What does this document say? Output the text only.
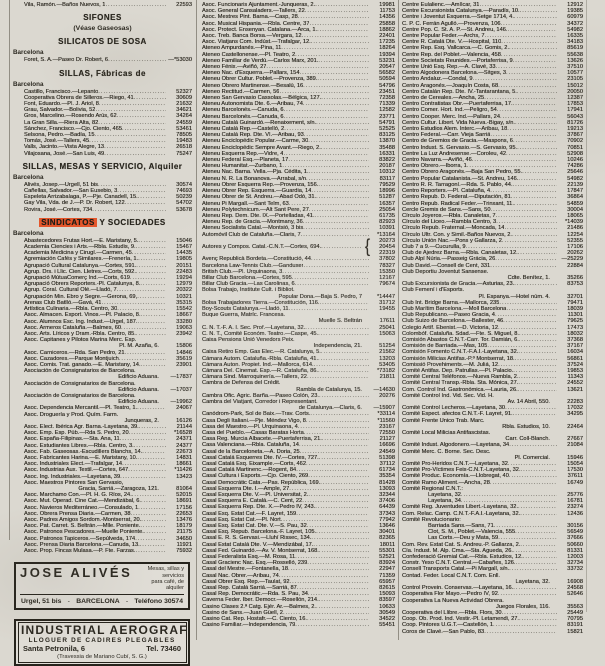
Vila, Ramón.—Baños Nuevos, 1 .....	22593
SIFONES
(Véase Gaseosas)
SILICATOS DE SOSA
Barcelona
Foret, S. A.—Paseo Dr. Robert, 6 .....	—*53030
SILLAS, Fábricas de
Barcelona
Castillo, Francisco.—Lepanto .....	52327
Cooperativa Obrera de Silleros.—Riego, 41 .....	30609
Font, Eduardo.—Pl. J. Ariol, 8 .....	21632
Grau, Salvador.—Bolivia, 52 .....	34621
Gros, Marcelino.—Rosendo Arús, 62 .....	34264
La Gran Silla.—Riera Alta, 82 .....	24559
Sánchez, Francisco.—Cjo. Ciento, 465 .....	53461
Selsona, Pedro.—Badía, 15 .....	78505
Tomás, José.—Tallers, 45 .....	19483
Valls, Jacinto.—Vista Alegre, 13 .....	26518
Vilajosana, José.—San Luis, 49 .....	75247
SILLAS, MESAS Y SERVICIO, Alquiler
Barcelona
Alivés, Josep.—Urgell, 51 bis .....	30574
Cañellas, Salvador.—San Eusebio, 3 .....	74693
Espeleta Arrizabalaga, P.—Pje. Canadell, 15. .....	50239
Gay Vila, Vda. de J.—P. Dr. Robert, 122 .....	54702
Rovira, José.—Cortes, 734 .....	53678
SINDICATOS Y SOCIEDADES
Barcelona
Abastecedores Frutas Hort.—E. Maristany, 5. .....	15046
Academia Ciencies i Arts.—Rbla. Estudis, 9. .....	15467
Academia Medicina y Cirugí.—Carmen, 45 .....	14435
Agremiación Cafés y Similares.—Frenería, 1. .....	19805
Agrupació Cultural Catalunya.—Cortes, 591. .....	20151
Agrup. Drs. i Llic. Cien. Lletres.—Corts, 592. .....	22483
Agrupació MútuaComerç Ind.—Corts, 619 .....	19294
Agrupació Obrers Reporters.-Pl. Catalunya, 8. .....	12979
Agrup. Coral. Cultural Olé.—Lladó, 7 .....	20322
Agrupación Min. Ebro y Segre.—Gerona, 69, .....	10321
Arenas Club Batlló.—Gavá, 41 .....	35315
Artística Culinaria.—Rbla. Centro, 30 .....	15542
Asoc. Almacen. Export. Vinos.—Pl. Palacio, 8. .....	18667
Asoc. Alumnos Esc. Ing. Indust.—Urgel, 187. .....	33280
Asoc. Armeros Cataluña.—Balmes, 60 .....	19063
Asoc. Arts. Líricos y Dram.-Rbla. Centro, 85. .....	23942
Asoc. Capitanes y Pilotos Marina Merc. Esp.
Pl. M. Azaña, 6.	15806
Asoc. Carniceros.—Rda. San Pedro, 21 .....	14846
Asoc. Cazadores.—Parque Montjuich .....	35619
Asoc. Comis. Trat. ganado.—E. Maristany, 14. .....	23901
Asociación de Consignatarios de Barcelona.
Edificio Aduana.	—17837
Asociación de Consignatarios de Barcelona.
Edificio Aduana.	—17037
Asociación de Consignatarios de Barcelona.
Edificio Aduana.	—19962
Asoc. Dependencia Mercantil.—Pl. Teatro, 1. .....	24067
Asoc. Droguería y Prod. Quím. Farm.
Junqueras, 2.	16126
Asoc. Elect. Ibérica Agr. Barna.-Layetana, 39. .....	21144
Asoc. Emp. Esp. Púb.—Rda S. Pedro, 20 .....	*16528
Asoc. España-Filipinas.—Sta. Ana, 11 .....	24371
Asoc. Estudiantes Libres.—Rbla. Centro, 3. .....	24377
Asoc. Fab. Gaseosas.-Escudillers Blanchs, 14. .....	22673
Asoc. Fabricantes Harina.—E. Maristany, 10. .....	14831
Asoc. Industriales Elect.—Trafalgar, 14 .....	18661
Asoc. Industrias Aux. Textil.—Cortes, 647 .....	*11426
Asoc. Ing. Industriales.—Layetana, 39 .....	13423
Asoc. Maestros Pintores San Gervasio,
Gracia, Sarriá.—Zaragoza, 121.	81064
Asoc. Marchamo Con.—Pl. H. G. Ríos, 24. .....	52015
Asoc. Mut. Operad. Cine Cat.—Mendizábal, 6. .....	18691
Asoc. Navieros Mediterráneo.—Consulado, 1 .....	17156
Asoc. Obrera Prensa Diaria.—Carmen, 38 .....	22653
Asoc. Padres Amigos Sordom.-Montserrat, 20. .....	13476
Asoc. Pat. Carret. S. Beltrán.—Mlle. Poniente. .....	18179
Asoc. Patronos Pescadores.—Muelle Poniente. .....	21175
Asoc. Patronos Tapiceros.—Sepúlveda, 174 .....	34650
Asoc. Prensa Diaria Barcelona.—Canuda, 13. .....	11921
Asoc. Prop. Fincas Mulasa.—P. Fte. Farzas. .....	75932
JOSE ALIVÉS	Mesas, sillas y servicios
para café, de alquiler
Urgel, 51 bis - BARCELONA - Teléfono 30574
INDUSTRIAL AEROGRAF
LLOGUER DE CADIRES PLEGABLES
Santa Petronila, 6	Tel. 73460
(Travessia de Mariano Cubí, S. G.)
Asoc. Funcionaris Ajuntament.-Junqueras, 2. .....	19981
Asoc. General Cansaladers.—Tallers, 22 .....	11753
Asoc. Mestres Pint. Barna.—Casp, 28 .....	14356
Asoc. Musical Hispania.—Rbla. Centre, 37 .....	25858
Asoc. Protect. Ensenyan. Catalana.—Arca, 1. .....	18862
Asoc. Treb. Banca Borsa.—Vergara, 12 .....	22401
Asoc. Viatjans Com. Indúst.—Trafalgar, 12. .....	17235
Ateneo Ampurdanés.—Pina, 11 .....	18264
Ateneo Castellonense.—Pl. Teatro, 2 .....	19394
Ateneo Familiar de Verdú.—Carlos Marx, 201. .....	53231
Ateneo Fénix.—Aviñó, 27 .....	20547
Ateneo Nac. d'Esquerra.—Pallars, 154 .....	56582
Ateneu Obrer Cultur. Poblet.—Provenza, 389. .....	50594
Ateneo Obrero Martinense.—Besalú, 16 .....	54796
Ateneo Rectitud.—Carmen, 56 .....	23451
Ateneo San Gervasio Cassolas.—Bélgica, 127. .....	72358
Ateneu Autonomista Dte. 6.—Aribau, 74 .....	71339
Ateneu Barcelonés.—Canuda, 6 .....	12582
Ateneu Barcelonés.—Canuda, 6 .....	23771
Ateneu Catalá Guinardó.—Renaixement, s/n. .....	54791
Ateneu Catalá Rep.—Castelló, 2 .....	52525
Ateneu Catalá Rep. Dte. VI.—Aribau, 93 .....	83125
Ateneu Enciclopédic Popular.—Carme, 30 .....	13870
Ateneu Enciclopédic Sempre Avant.—Riego, 2. .....	35488
Ateneu Esquerra Rep.—Vidre, 4 .....	16331
Ateneu Federal Esq.—Planeta, 17 .....	83822
Ateneu Humanitat.—Zurbano, 1 .....	20187
Ateneu Nac. Barna. Vella.—Pja. Cédita, 1. .....	10312
Ateneu N. R. La Bonanova.—Arrabal, s/n .....	83117
Ateneu Obrer Esquerra Rep.—Provenza, 156. .....	79529
Ateneu Obrer Rep. Esquerra.—Guardia, 14 .....	18996
Ateneu Obrer de St. Andreu.—Abad Odó, 31. .....	51287
Ateneu Pi Margall.—Sant Telm, 63 .....	16357
Ateneu Polytechnicum.—Alt Sant Pere, 27 .....	25054
Ateneu Rep. Dem. Dte. IX.—Portelladas, 41. .....	61735
Ateneu Rep. de Gracia.—Montmany, 36 .....	82923
Ateneu Socialista Catal.—Montsió, 3 bis .....	10391
Automóvil Club de Cataluña.—Claris, 7 .....	*13164
Autores y Compos. Catal.-C.N.T.—Cortes, 694. .....	{	20273
20454
22319
Avenç Republicà Bordeta.—Constitució, 44 .....	37802
Barcelona Law-Tennis Club.—Ganduxer .....	78327
British Club.—Pl. Urquinaona, 3 .....	15350
Billar Club Barcelona.—Cortes, 595 .....	12167
Billar Club Gracia.—Las Carolinas, 6 .....	79674
Bolsa Trabajo, Institute Cult. i Bibliot.
Popular Dona.—Baja S. Pedro, 7	*14447
Bolsa Trabajadores Tierra.—Constitución, 116. .....	31712
Boy-Scouts Catalunya.—Lladó, 11 .....	19455
Buque Guerra, Matríc. Francesa.
Muelle S. Beltrán	17611
C. N. T.-F. A. I. Sec. Prof.—Layetana, 32. .....	25041
C. N. T., Comité Económ. Teatro.—Caspe, 45. .....	15063
Caixa Pensions Unió Venedors Peix.
Independencia, 21.	51254
Caixa Retiro Emp. Gas Elec.—R. Catalunya, 5. .....	21562
Cámara Autom. Cataluña.-Rbla. Cataluña, 41. .....	13203
Cámara Auton. Propiet. Ind.—Mallorca, 614. .....	53405
Cámara Del. Cinemat. Esp.—R. Cataluña, 86. .....	*73182
Cámara Sind. Marroquinería.—Tallers, 22 .....	21811
Cambra de Defensa del Crédit.
Rambla de Catalunya, 15.	—14630
Cambra Ofic. Agric. Barña.—Paseo Colón, 23. .....	20276
Cambra del Viatjant, Corredor i Representant.
de Catalunya.—Claris, 6.	—15907
Canódrom-Park, Sol de Baix.—Trav. Corts. .....	*33114
Casa Degli Italiani.—Pje. Méndez Vigo, 8 .....	*11560
Casa del Maestro.—Pl. Urquinaona, 4 .....	23167
Casa del Pueblo.—Casas Baratas Horta .....	72550
Casa Reg. Murcia Albacete.—Puertaferrisa, 21. .....	21127
Casa Valenciana.—Rbla. Cataluña, 14 .....	16696
Casal de la Barceloneta.—A. Doria, 25 .....	24549
Casal Catalá Esquerres Dte. IV.—Cortes, 727. .....	51398
Casal Catalá Esq. Eixample.—Corts, 462 .....	37112
Casal Catalá Martinenc.—Rogent, 84 .....	61734
Casal Cultura i Esports.—Cjo. Ciento, 269 .....	35354
Casal Democrátic Cata.—Pas. República, 169. .....	81428
Casal Esquerra Dte. I.—Ample, 27 .....	13093
Casal Esquerra Dte. V.—Pl. Universitat, 2. .....	32344
Casal Esquerra E. Catalá.—C. Cent, 22 .....	37406
Casal Esquerra Rep. Dte. X.—Pedro IV, 243. .....	64439
Casal Esq. Estat Cat.—F. Layret, 159 .....	37343
Casal Esq. Estat Cat.—Pl. Nort .....	77942
Casal Esq. Estat Cat. Dte. V.—S. Pau, 32 .....	13646
Casal Esq. Repub. Barcelona.-F. Layret, 105. .....	30401
Casal E. R. S. Gervasi.—Lluhí Rissec, 134. .....	82365
Casal Estat Catalá Dte. V.—Mendizábal, 17. .....	18011
Casal Fed. Guinardó.—Av. V. Montserrat, 168. .....	55301
Casal Federalista Esq.—M. Rosa, 11 .....	52521
Casal Gracienc Nac. Esq.—Rosselló, 239 .....	83924
Casal del Mestre.—Fontanella, 18 .....	22947
Casal Nac. Obrer.—Aribau, 74 .....	71359
Casal Obrer Esq. Rep.—Taulat, 92 .....	65957
Casal Rep. Catalá Sarriá.—Sarriá, 87 .....	82615
Casal Rep. Democrátic.—Rda. S. Pau, 34 .....	15093
Caverna Feder. Iber. Democr.—Rosellón, 214. .....	83597
Casino Clases 2.ª Catg. Ejér. Ar.—Balmes, 2. .....	10633
Casino de Sans.—Juan Güell, 2 .....	30549
Casino Cat. Rep. Hostafr.—C. Ciento, 16. .....	34522
Casino Familiar.—Independencia, 79 .....	55451
Centre Eulalienc.—Amílcar, 31 .....	12912
Centre Excursionista Catalunya.—Paradís, 10. .....	19385
Centre i Joventut Esquerra.—Setge 1714, 4. .....	60979
C. P. C. Ferrán Agulló.—Provenza, 106 .....	34372
Centre Pop. C. St. A. P.—St. Andreu, 146. .....	54982
Centre Popular Feder.—Archs, 7 .....	16335
Centre R. Catalá Dte. V.—Hospital, 110 .....	34183
Centre Rep. Esq. Vallcarca.—C. Gomis, 2. .....	85619
Centre Rep. del Poblet.—Valencia, 458 .....	55638
Centre Societats Reunides.—Portaferrisa, 9 .....	13626
Centre Unió Esq. Rep.—A. Clavé, 33 .....	37510
Centro Algodonera Barcelona.—Sitges, 3 .....	10577
Centro Andaluz.—Condal, 9 .....	23105
Centro Aragonés.—Joaquín Costa, 68 .....	15012
Centro Catalán Rep. Dte. IV.-Tantarantana, 5. .....	20050
Centro de Cereales.—Ancha, 25 .....	12387
Centro Contratistas Obr.—Puertaferrisa, 17. .....	17853
Centro Comer. Hort. Ind.—Peligro, 54 .....	17941
Centro Cooper. Merc. Ind.—Pallars, 24 .....	56043
Centro Cultur. Libert. Vida Nueva.-Bigay, s/n. .....	81726
Centro Estudios Alem. Interc.—Aribau, 18 .....	19213
Centro Federal.—Carr. Vieja Sarriá .....	37867
Centro de Gremios de Gracia.—Maspons, 6 .....	70902
Centro Indust. S. Gervasio.—S. Gervasio, 95. .....	70851
Centre La Luz Andresense.—Coroleu, 42 .....	52908
Centro Navarra.—Aviñó, 46 .....	10246
Centro Obrero.—Iborra, 1 .....	74286
Centro Obrero Aragonés.—Baja San Pedro, 55. .....	25646
Centro Popular Catalanista.—St. Andreu, 146. .....	54982
Centro R. R. Tarragoní.—Rda. S. Pablo, 44. .....	22139
Centro Reporters.—Pl. Cataluña, 4 .....	17847
Centro Repub. D. Federal.—Diputación, 81 .....	36864
Centro Repub. Radical Feder.—Trinxant, 11. .....	54859
Cercle Gremis de Sans.—Sans, 50 .....	30004
Círculo Joyeros.—Rbla. Canaletas, 7 .....	18065
Círculo del Liceo.—Rambla Centro, 3 .....	*14039
Círculo Repub. Fraternal.—Moncada, 14 .....	21486
Círculo Ultr. Con. y Simil.-Baños Nuevos, 2. .....	12254
Círculo Unión Nac.—Pons y Gallarza, 2 .....	52355
Club 7 a 9.—Cucurulla, 9 .....	17106
Club de Ajedrez Barna.—Rbla. Canaletas, 12. .....	20262
Club Alpí Núria.—Passeig Grácia, 26 .....	—25229
Club David.—Consell de Cent, 331 .....	22884
Club Deportiu Joventut Sansense.
Cdte. Benítez, 1.	35266
Club Excursionista de Gracia.—Asturias, 23. .....	83753
Club Femení i d'Esports.
Pl. Espanya.—Hotel núm. 4.	32701
Club Int. Bridge Barna.—Mallorca, 235 .....	79471
Club Marítim Barcelona.—Moll Barcelona .....	18039
Club Republicano.—Paseo Gracia, 4 .....	11301
Club Suizo de Barcelona.—Ballester, 46 .....	79625
Colegio Artíf. Ebenist.—D. Victoria, 12 .....	17473
Colombóf. Cataluña. Sdad.—Fte. S. Miguel, 8. .....	18032
Comisión Abastos C.N.T.-Carr. Tor. Damián, 6. .....	37368
Comisión de Barriada.—Mas, 105 .....	37167
Comisión Fomento C.N.T.-F.A.I.-Layetana, 32. .....	16034
Comisión Milicias Antifas.-P.º Montserrat, 18. .....	56861
Comissió Provehiments.—M. Juliá, 12 .....	37524
Comité Antifas. Dep. Patrullas.—Pl. Palacio. .....	19853
Comité Central Teléfonos.—Nueva Rambla, 2. .....	11343
Comité Central Transp.-Rbla. Sta. Mónica, 27. .....	24552
Com. Control Ind. Gastronómica.—Lauria, 26. .....	13621
Comité Control Ind. Vid. Sec. Vid. H.
Av. 14 Abril, 550.	22283
Comité Control Lecheros.—Layetana, 30 .....	17032
Comité Espect. afectos C.N.T.-F. Layret, 91. .....	34295
Comité Frente Único Trab. Marc.
Rbla. Estudios, 10.	22464
Comité Local Milicias Antifascistas.
Carr. Coll-Blanch.	27667
Comité Indust. Algodonero.—Layetana, 34 .....	21084
Comité Merc. C. Borne. Sec. Desc.
Pl. Comercial.	15946
Comité Pro-Heridos C.N.T.—Layetana, 32 .....	15054
Comité Pro-Víctimes Feix-C.N.T.-Layetana, 32. .....	17530
Comité Produc. Economía.—Llobregat, 40 .....	37611
Comité Ramo Aliment.—Ancha, 28 .....	16749
Comité Regional C.N.T.:
Layetana, 32 .....	25776
Layetana, 34 .....	16781
Comité Reg. Juventudes Libert.-Layetana, 32. .....	23274
Com. Relac. Camp. C.N.T.-F.A.I.-Layetana, 32. .....	12436
Comité Revolucionario:
Barriada Sans.—Sans, 71 .....	30156
Clot, S. M., Poblet.—Valencia, 555 .....	56549
Las Corts.—Deu y Mata, 59 .....	37666
Com. Rev. Estat Cat. S. Andreu.-P. Gallarza, 2. .....	50660
Cía. Indust. M. Alp. Cma.—Sta. Agueda, 26. .....	81331
Confederació Gremial Cat.—Rbla. Estudios, 12. .....	12003
Constr. Yeso C.N.T. Central.—Cabañes, 126. .....	32734
Consell Transports Catal.—Pi Margall, s/n. .....	33732
Contad. Feder. Local C.N.T. Com. Enll.
Layetana, 32.	16908
Control Provein. Conservas.—Layetana, 16. .....	24568
Cooperativa Flor Mayo.—Pedro IV, 92 .....	52646
Cooperativa La Nueva Actividad Obrera.
Juegos Florales, 116.	35563
Cooperativa del Llibre.—Rbla. Flors, 30 .....	25449
Coop. Ob. Prod. Ind. Vestir.-Pl. Letamendi, 27. .....	70795
Coop. Pintores U.G.T.—Castellón, 1 .....	83191
Coros de Clavé.—San Pablo, 83 .....	15821
